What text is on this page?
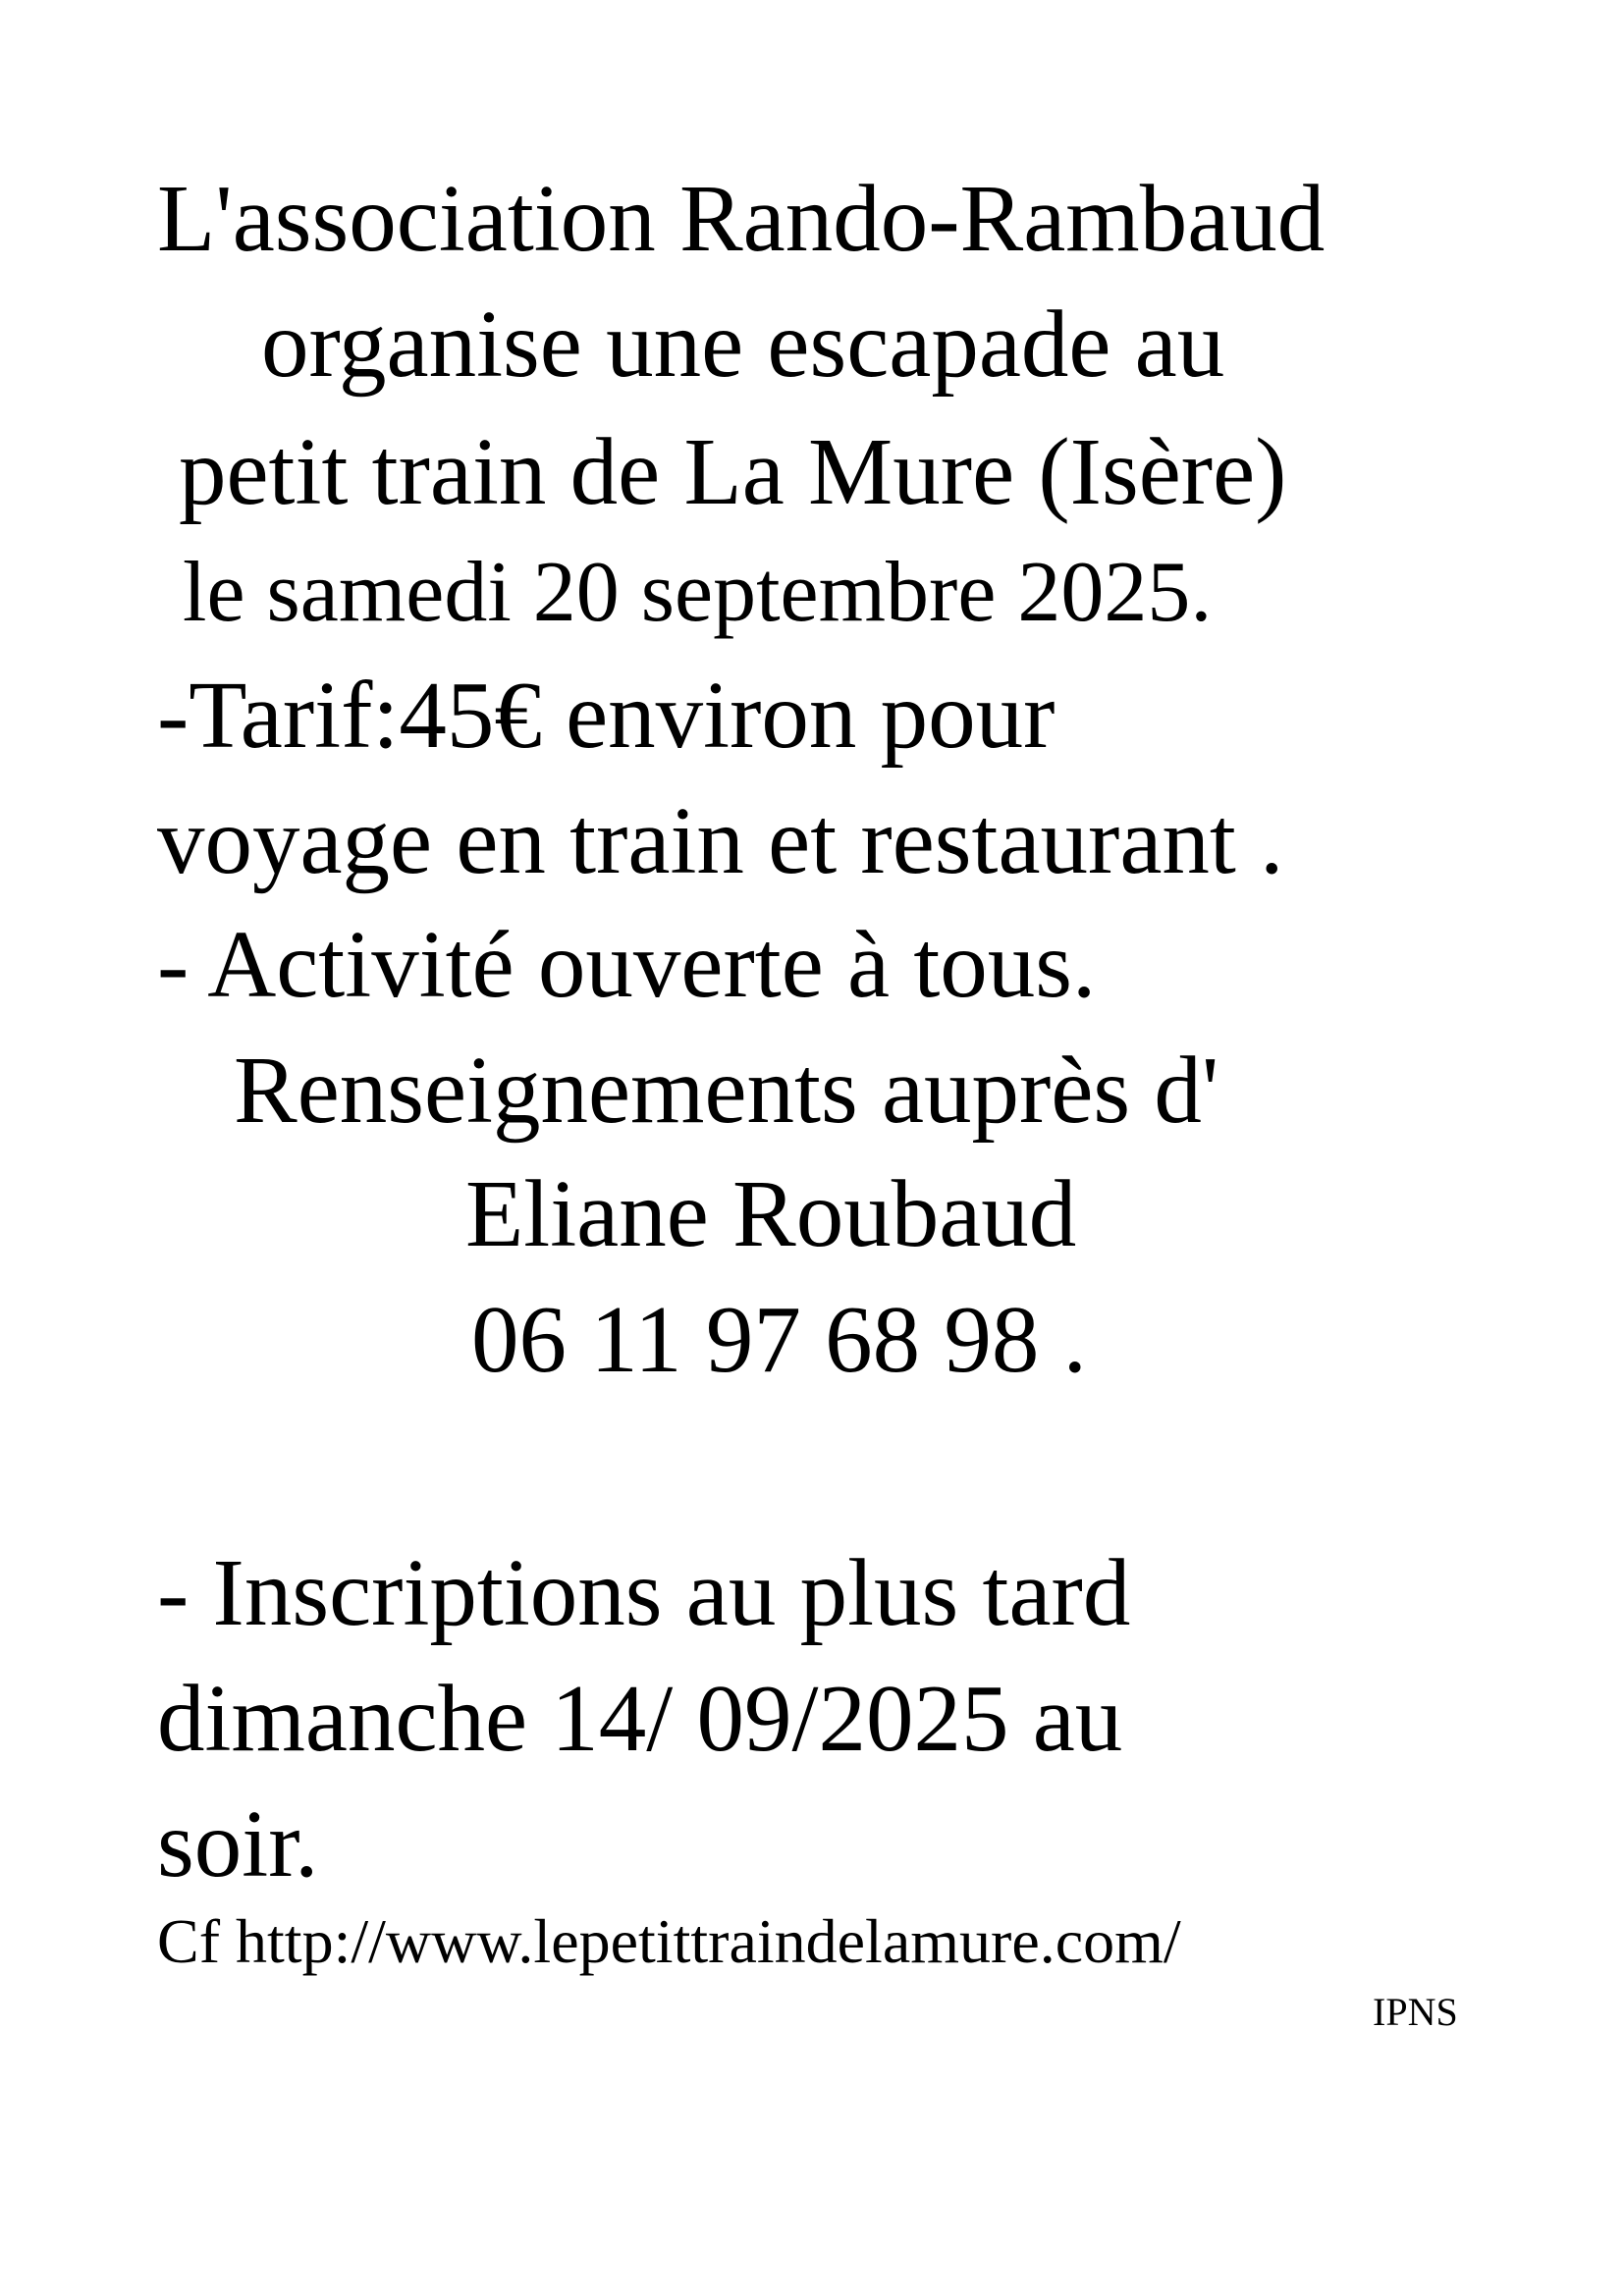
L'association Rando-Rambaud

organise une escapade au

petit train de La Mure (Isère)

le samedi 20 septembre 2025.

-Tarif:45€ environ pour

voyage en train et restaurant .

- Activité ouverte à tous.

Renseignements auprès d'

Eliane Roubaud

06 11 97 68 98 .

- Inscriptions au plus tard

dimanche 14/ 09/2025 au

soir.

Cf http://www.lepetittraindelamure.com/

IPNS
